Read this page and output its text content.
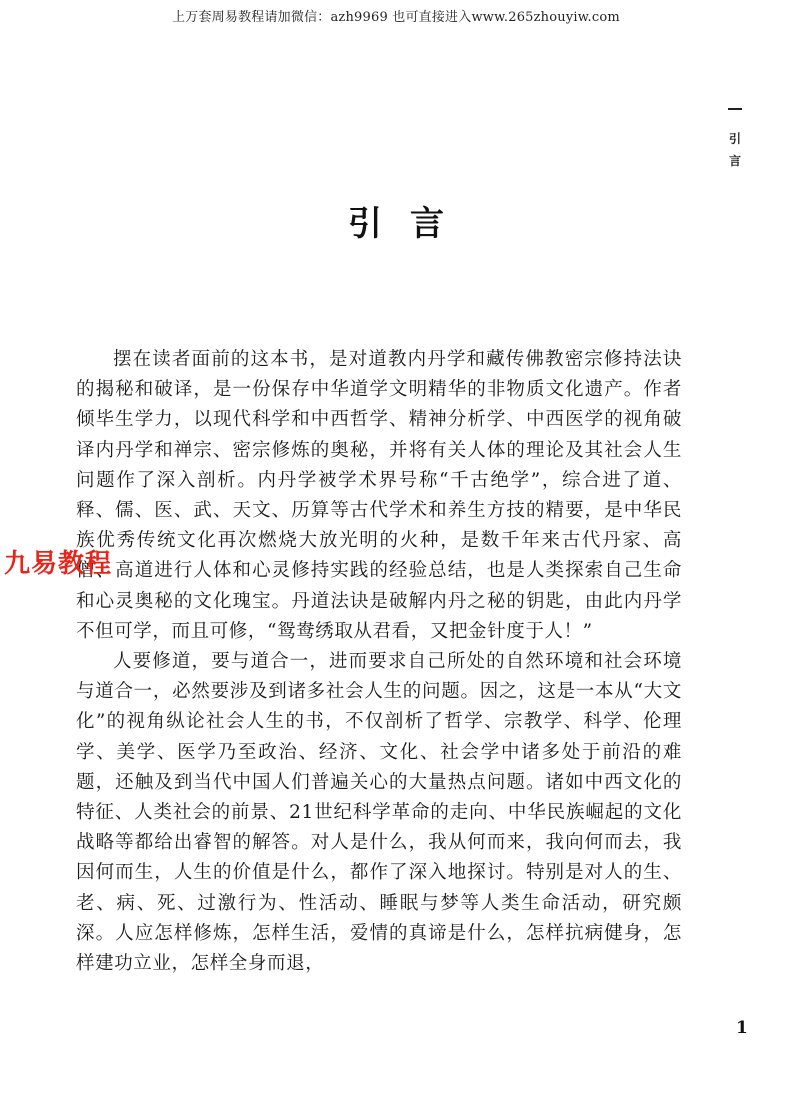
上万套周易教程请加微信：azh9969 也可直接进入www.265zhouyiw.com
引
言
引言

摆在读者面前的这本书，是对道教内丹学和藏传佛教密宗修持法诀的揭秘和破译，是一份保存中华道学文明精华的非物质文化遗产。作者倾毕生学力，以现代科学和中西哲学、精神分析学、中西医学的视角破译内丹学和禅宗、密宗修炼的奥秘，并将有关人体的理论及其社会人生问题作了深入剖析。内丹学被学术界号称“千古绝学”，综合进了道、释、儒、医、武、天文、历算等古代学术和养生方技的精要，是中华民族优秀传统文化再次燃烧大放光明的火种，是数千年来古代丹家、高僧、高道进行人体和心灵修持实践的经验总结，也是人类探索自己生命和心灵奥秘的文化瑰宝。丹道法诀是破解内丹之秘的钥匙，由此内丹学不但可学，而且可修，“鸳鸯绣取从君看，又把金针度于人！”

人要修道，要与道合一，进而要求自己所处的自然环境和社会环境与道合一，必然要涉及到诸多社会人生的问题。因之，这是一本从“大文化”的视角纵论社会人生的书，不仅剖析了哲学、宗教学、科学、伦理学、美学、医学乃至政治、经济、文化、社会学中诸多处于前沿的难题，还触及到当代中国人们普遍关心的大量热点问题。诸如中西文化的特征、人类社会的前景、21世纪科学革命的走向、中华民族崛起的文化战略等都给出睿智的解答。对人是什么，我从何而来，我向何而去，我因何而生，人生的价值是什么，都作了深入地探讨。特别是对人的生、老、病、死、过激行为、性活动、睡眠与梦等人类生命活动，研究颇深。人应怎样修炼，怎样生活，爱情的真谛是什么，怎样抗病健身，怎样建功立业，怎样全身而退，

九易教程
1
